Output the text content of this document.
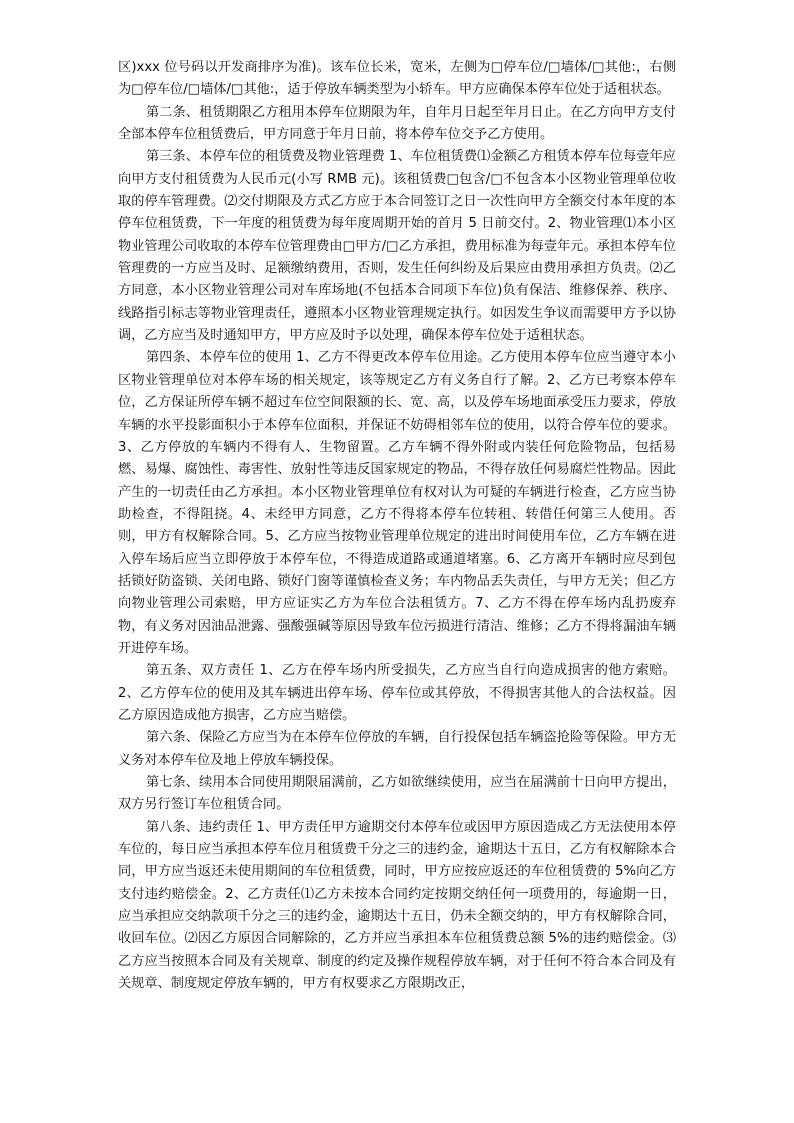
区)xxx 位号码以开发商排序为准)。该车位长米，宽米，左侧为□停车位/□墙体/□其他:，右侧为□停车位/□墙体/□其他:，适于停放车辆类型为小轿车。甲方应确保本停车位处于适租状态。

第二条、租赁期限乙方租用本停车位期限为年，自年月日起至年月日止。在乙方向甲方支付全部本停车位租赁费后，甲方同意于年月日前，将本停车位交予乙方使用。

第三条、本停车位的租赁费及物业管理费 1、车位租赁费⑴金额乙方租赁本停车位每壹年应向甲方支付租赁费为人民币元(小写 RMB 元)。该租赁费□包含/□不包含本小区物业管理单位收取的停车管理费。⑵交付期限及方式乙方应于本合同签订之日一次性向甲方全额交付本年度的本停车位租赁费，下一年度的租赁费为每年度周期开始的首月 5 日前交付。2、物业管理⑴本小区物业管理公司收取的本停车位管理费由□甲方/□乙方承担，费用标准为每壹年元。承担本停车位管理费的一方应当及时、足额缴纳费用，否则，发生任何纠纷及后果应由费用承担方负责。⑵乙方同意，本小区物业管理公司对车库场地(不包括本合同项下车位)负有保洁、维修保养、秩序、线路指引标志等物业管理责任，遵照本小区物业管理规定执行。如因发生争议而需要甲方予以协调，乙方应当及时通知甲方，甲方应及时予以处理，确保本停车位处于适租状态。

第四条、本停车位的使用 1、乙方不得更改本停车位用途。乙方使用本停车位应当遵守本小区物业管理单位对本停车场的相关规定，该等规定乙方有义务自行了解。2、乙方已考察本停车位，乙方保证所停车辆不超过车位空间限额的长、宽、高，以及停车场地面承受压力要求，停放车辆的水平投影面积小于本停车位面积，并保证不妨碍相邻车位的使用，以符合停车位的要求。3、乙方停放的车辆内不得有人、生物留置。乙方车辆不得外附或内装任何危险物品，包括易燃、易爆、腐蚀性、毒害性、放射性等违反国家规定的物品，不得存放任何易腐烂性物品。因此产生的一切责任由乙方承担。本小区物业管理单位有权对认为可疑的车辆进行检查，乙方应当协助检查，不得阻挠。4、未经甲方同意，乙方不得将本停车位转租、转借任何第三人使用。否则，甲方有权解除合同。5、乙方应当按物业管理单位规定的进出时间使用车位，乙方车辆在进入停车场后应当立即停放于本停车位，不得造成道路或通道堵塞。6、乙方离开车辆时应尽到包括锁好防盗锁、关闭电路、锁好门窗等谨慎检查义务；车内物品丢失责任，与甲方无关；但乙方向物业管理公司索赔，甲方应证实乙方为车位合法租赁方。7、乙方不得在停车场内乱扔废弃物，有义务对因油品泄露、强酸强碱等原因导致车位污损进行清洁、维修；乙方不得将漏油车辆开进停车场。

第五条、双方责任 1、乙方在停车场内所受损失，乙方应当自行向造成损害的他方索赔。2、乙方停车位的使用及其车辆进出停车场、停车位或其停放，不得损害其他人的合法权益。因乙方原因造成他方损害，乙方应当赔偿。

第六条、保险乙方应当为在本停车位停放的车辆，自行投保包括车辆盗抢险等保险。甲方无义务对本停车位及地上停放车辆投保。

第七条、续用本合同使用期限届满前，乙方如欲继续使用，应当在届满前十日向甲方提出，双方另行签订车位租赁合同。

第八条、违约责任 1、甲方责任甲方逾期交付本停车位或因甲方原因造成乙方无法使用本停车位的，每日应当承担本停车位月租赁费千分之三的违约金，逾期达十五日，乙方有权解除本合同，甲方应当返还未使用期间的车位租赁费，同时，甲方应按应返还的车位租赁费的 5%向乙方支付违约赔偿金。2、乙方责任⑴乙方未按本合同约定按期交纳任何一项费用的，每逾期一日，应当承担应交纳款项千分之三的违约金，逾期达十五日，仍未全额交纳的，甲方有权解除合同，收回车位。⑵因乙方原因合同解除的，乙方并应当承担本车位租赁费总额 5%的违约赔偿金。⑶乙方应当按照本合同及有关规章、制度的约定及操作规程停放车辆，对于任何不符合本合同及有关规章、制度规定停放车辆的，甲方有权要求乙方限期改正，
